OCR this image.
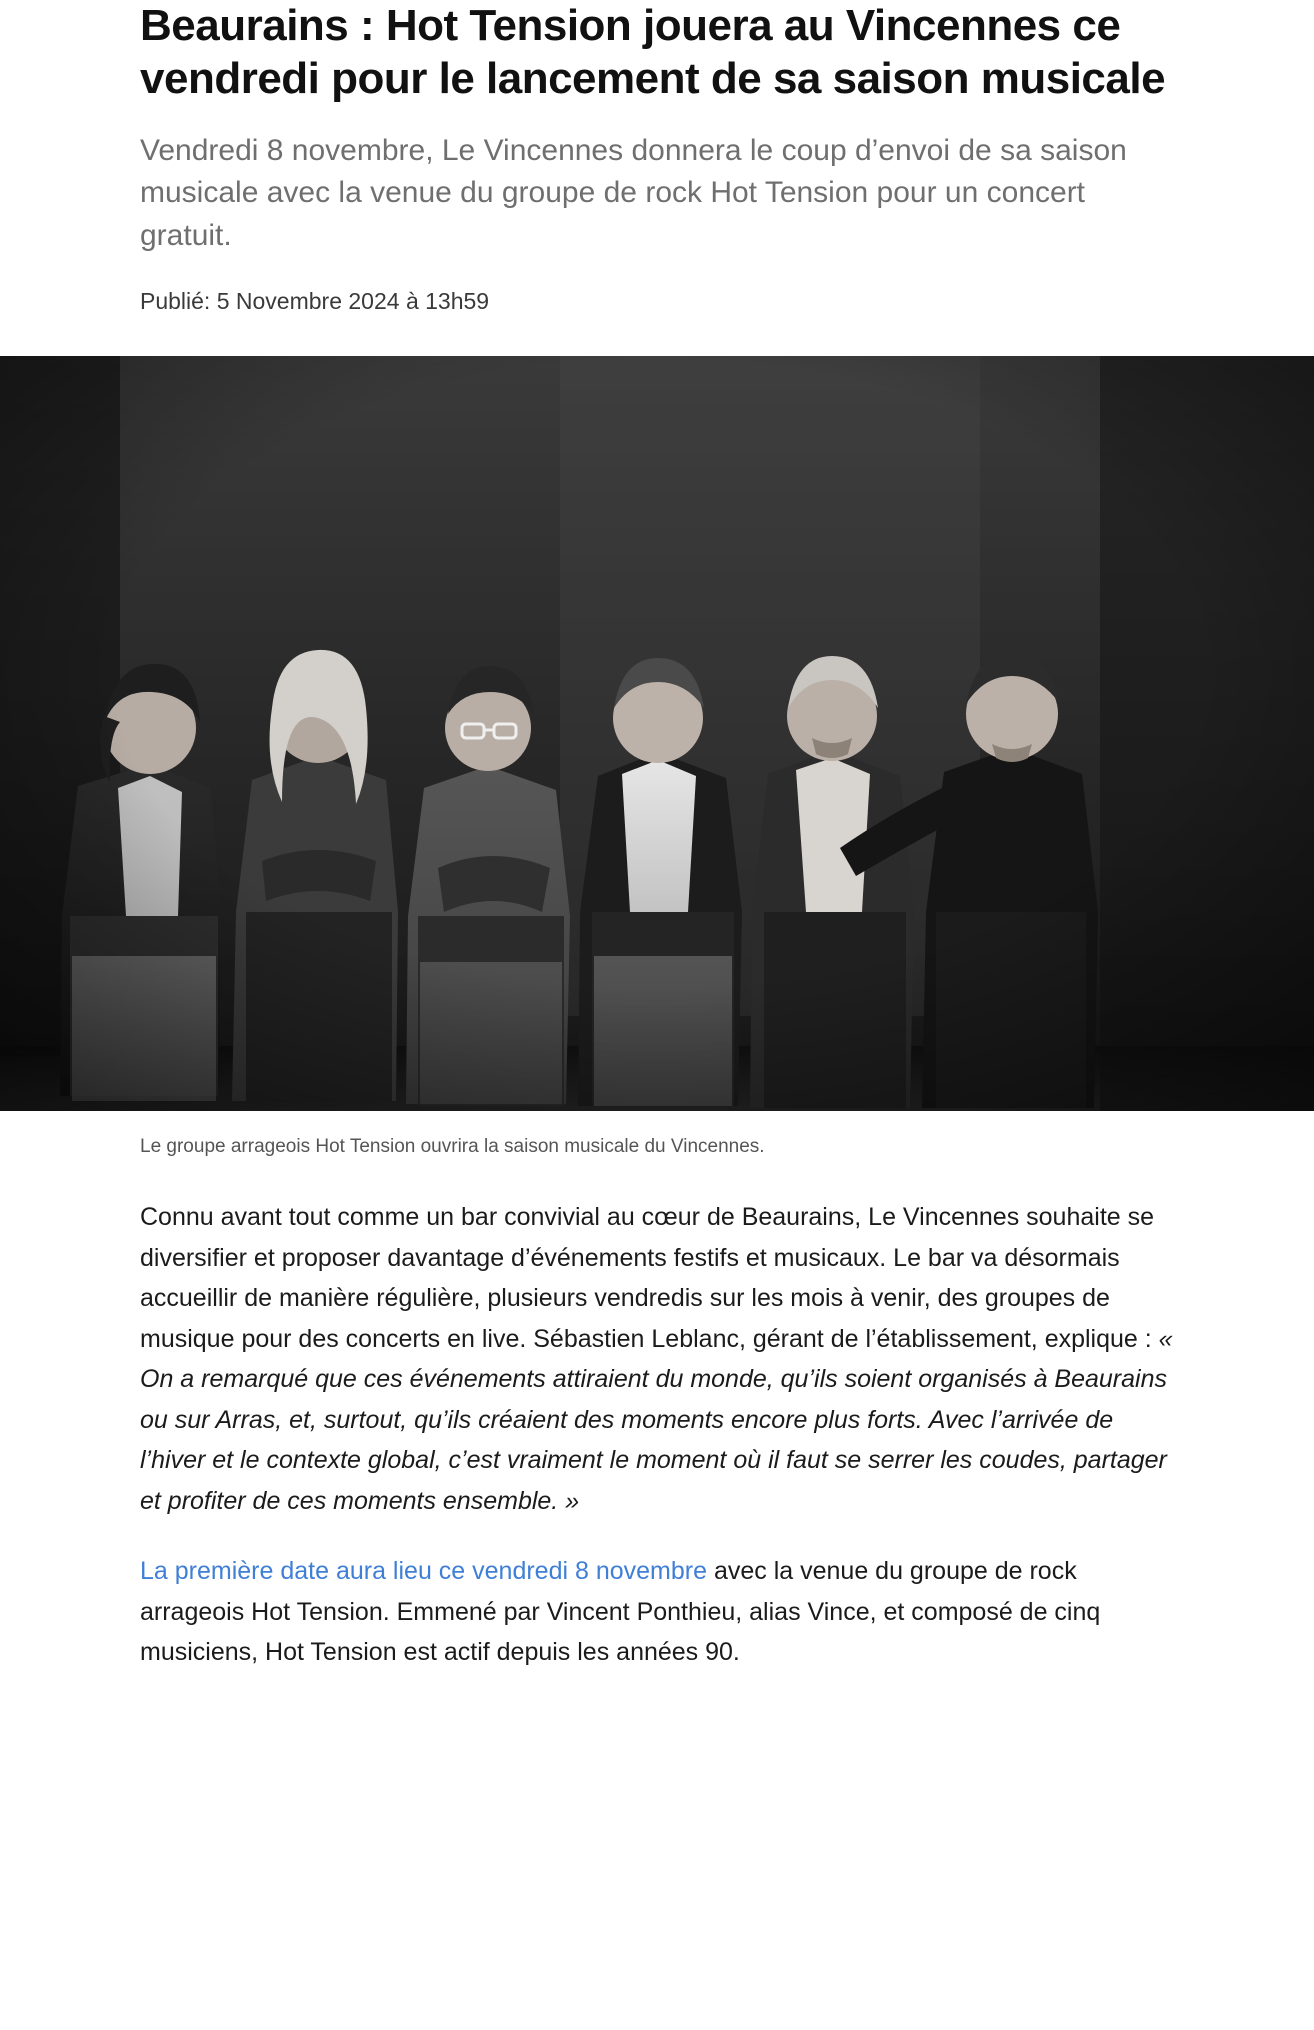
Beaurains : Hot Tension jouera au Vincennes ce vendredi pour le lancement de sa saison musicale

Vendredi 8 novembre, Le Vincennes donnera le coup d’envoi de sa saison musicale avec la venue du groupe de rock Hot Tension pour un concert gratuit.

Publié: 5 Novembre 2024 à 13h59

Le groupe arrageois Hot Tension ouvrira la saison musicale du Vincennes.

Connu avant tout comme un bar convivial au cœur de Beaurains, Le Vincennes souhaite se diversifier et proposer davantage d’événements festifs et musicaux. Le bar va désormais accueillir de manière régulière, plusieurs vendredis sur les mois à venir, des groupes de musique pour des concerts en live. Sébastien Leblanc, gérant de l’établissement, explique : « On a remarqué que ces événements attiraient du monde, qu’ils soient organisés à Beaurains ou sur Arras, et, surtout, qu’ils créaient des moments encore plus forts. Avec l’arrivée de l’hiver et le contexte global, c’est vraiment le moment où il faut se serrer les coudes, partager et profiter de ces moments ensemble. »

La première date aura lieu ce vendredi 8 novembre avec la venue du groupe de rock arrageois Hot Tension. Emmené par Vincent Ponthieu, alias Vince, et composé de cinq musiciens, Hot Tension est actif depuis les années 90.
